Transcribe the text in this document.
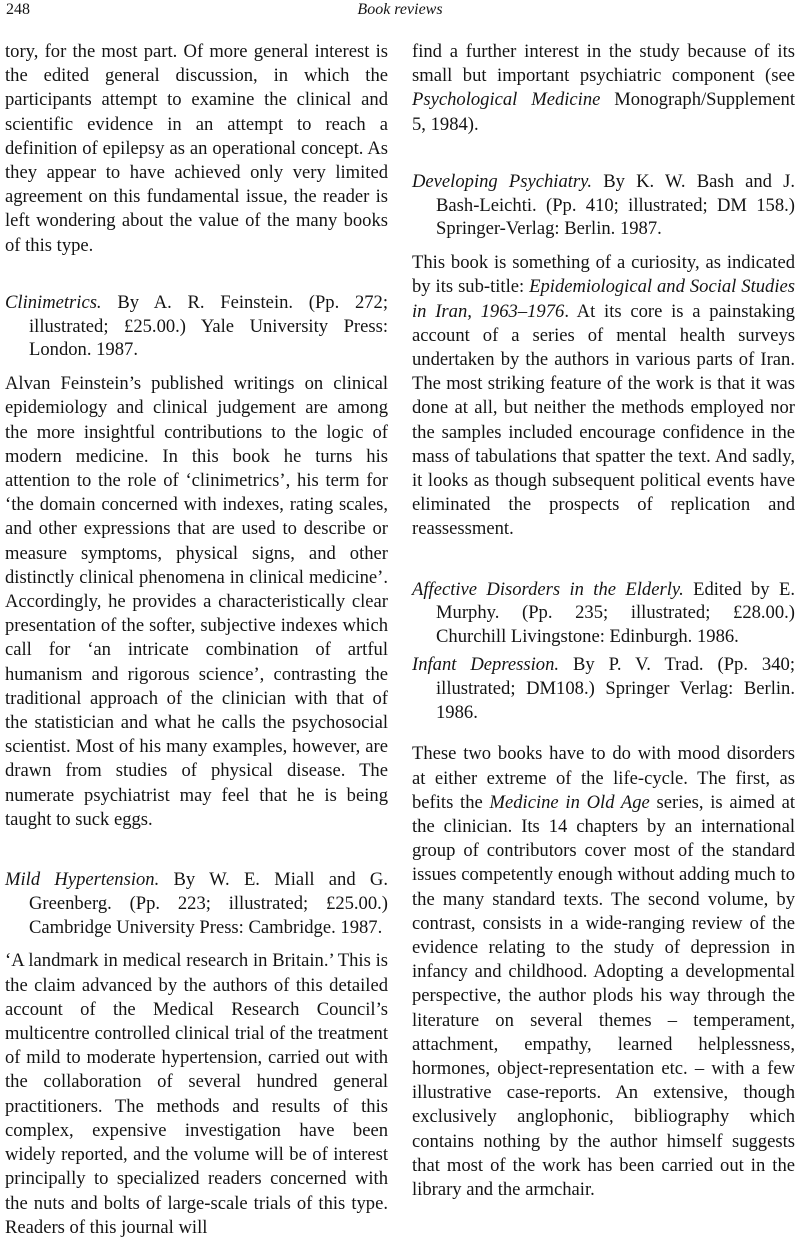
248	Book reviews

tory, for the most part. Of more general interest is the edited general discussion, in which the participants attempt to examine the clinical and scientific evidence in an attempt to reach a definition of epilepsy as an operational concept. As they appear to have achieved only very limited agreement on this fundamental issue, the reader is left wondering about the value of the many books of this type.

Clinimetrics. By A. R. Feinstein. (Pp. 272; illustrated; £25.00.) Yale University Press: London. 1987.

Alvan Feinstein’s published writings on clinical epidemiology and clinical judgement are among the more insightful contributions to the logic of modern medicine. In this book he turns his attention to the role of ‘clinimetrics’, his term for ‘the domain concerned with indexes, rating scales, and other expressions that are used to describe or measure symptoms, physical signs, and other distinctly clinical phenomena in clinical medicine’. Accordingly, he provides a characteristically clear presentation of the softer, subjective indexes which call for ‘an intricate combination of artful humanism and rigorous science’, contrasting the traditional approach of the clinician with that of the statistician and what he calls the psychosocial scientist. Most of his many examples, however, are drawn from studies of physical disease. The numerate psychiatrist may feel that he is being taught to suck eggs.

Mild Hypertension. By W. E. Miall and G. Greenberg. (Pp. 223; illustrated; £25.00.) Cambridge University Press: Cambridge. 1987.

‘A landmark in medical research in Britain.’ This is the claim advanced by the authors of this detailed account of the Medical Research Council’s multicentre controlled clinical trial of the treatment of mild to moderate hypertension, carried out with the collaboration of several hundred general practitioners. The methods and results of this complex, expensive investigation have been widely reported, and the volume will be of interest principally to specialized readers concerned with the nuts and bolts of large-scale trials of this type. Readers of this journal will

find a further interest in the study because of its small but important psychiatric component (see Psychological Medicine Monograph/Supplement 5, 1984).

Developing Psychiatry. By K. W. Bash and J. Bash-Leichti. (Pp. 410; illustrated; DM 158.) Springer-Verlag: Berlin. 1987.

This book is something of a curiosity, as indicated by its sub-title: Epidemiological and Social Studies in Iran, 1963–1976. At its core is a painstaking account of a series of mental health surveys undertaken by the authors in various parts of Iran. The most striking feature of the work is that it was done at all, but neither the methods employed nor the samples included encourage confidence in the mass of tabulations that spatter the text. And sadly, it looks as though subsequent political events have eliminated the prospects of replication and reassessment.

Affective Disorders in the Elderly. Edited by E. Murphy. (Pp. 235; illustrated; £28.00.) Churchill Livingstone: Edinburgh. 1986.

Infant Depression. By P. V. Trad. (Pp. 340; illustrated; DM108.) Springer Verlag: Berlin. 1986.

These two books have to do with mood disorders at either extreme of the life-cycle. The first, as befits the Medicine in Old Age series, is aimed at the clinician. Its 14 chapters by an international group of contributors cover most of the standard issues competently enough without adding much to the many standard texts. The second volume, by contrast, consists in a wide-ranging review of the evidence relating to the study of depression in infancy and childhood. Adopting a developmental perspective, the author plods his way through the literature on several themes – temperament, attachment, empathy, learned helplessness, hormones, object-representation etc. – with a few illustrative case-reports. An extensive, though exclusively anglophonic, bibliography which contains nothing by the author himself suggests that most of the work has been carried out in the library and the armchair.
